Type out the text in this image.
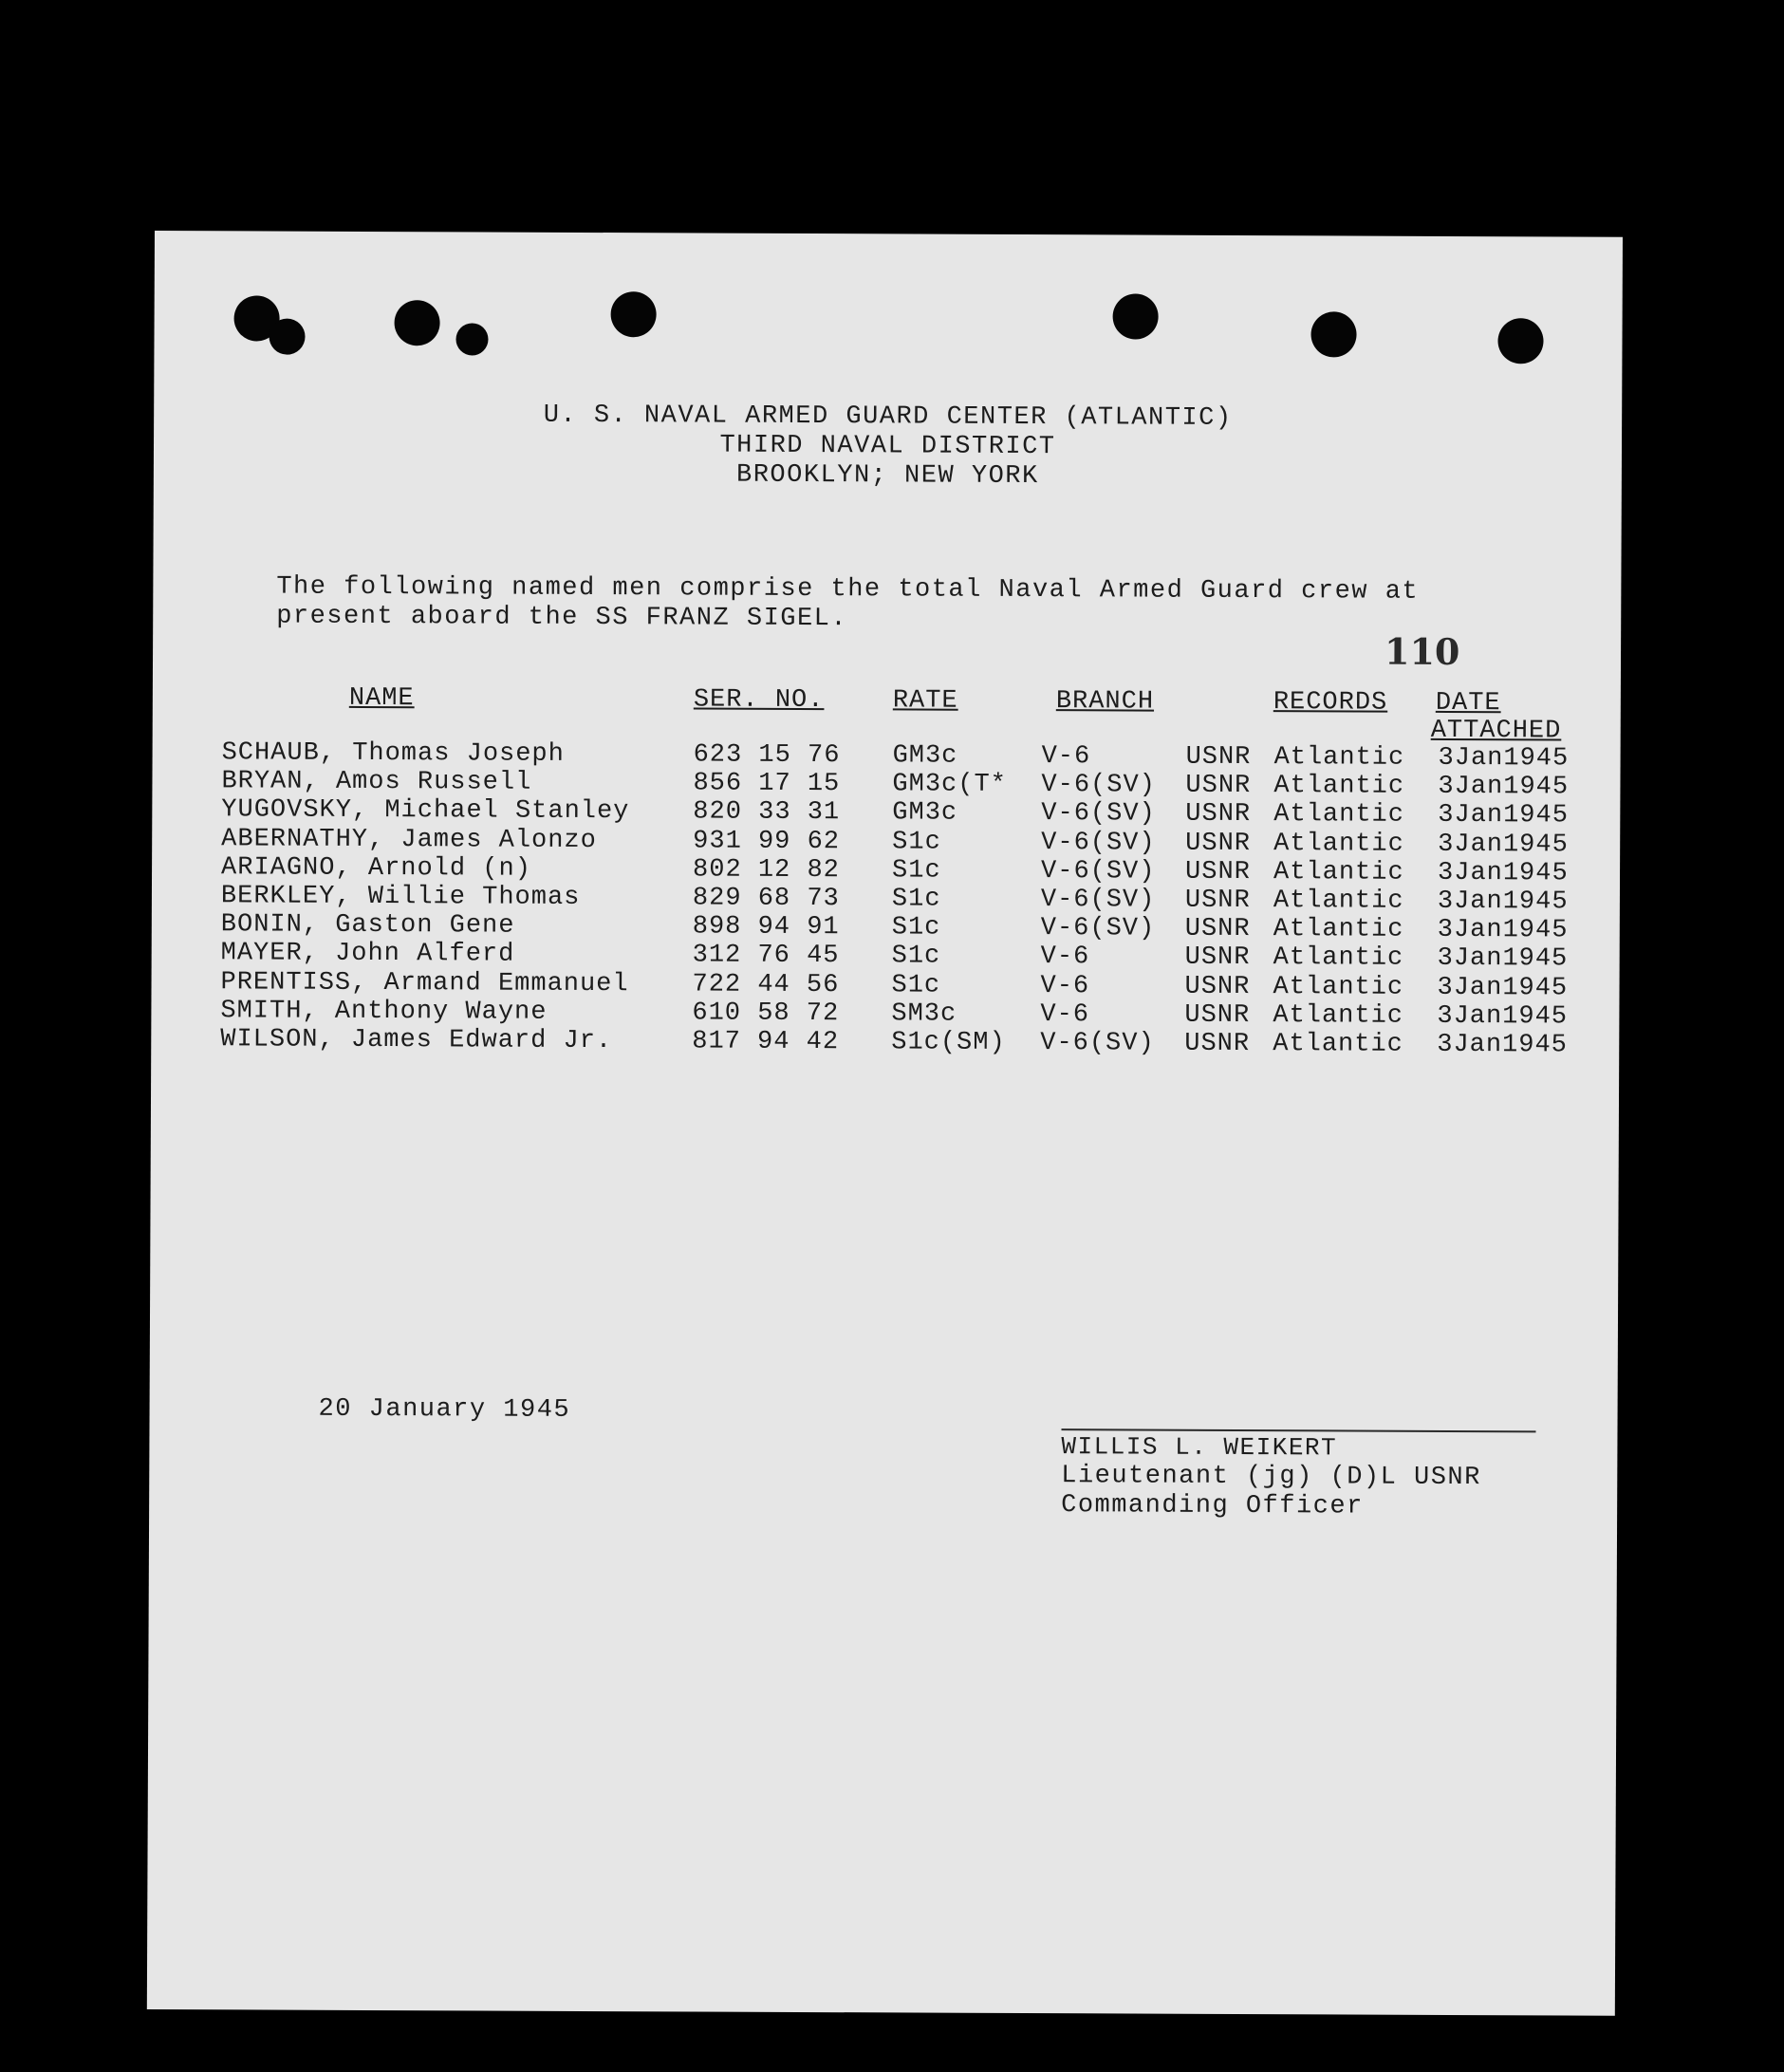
U. S. NAVAL ARMED GUARD CENTER (ATLANTIC)
THIRD NAVAL DISTRICT
BROOKLYN; NEW YORK
The following named men comprise the total Naval Armed Guard crew at
present aboard the SS FRANZ SIGEL.
110
NAME	SER. NO.	RATE	BRANCH	RECORDS DATE
ATTACHED
SCHAUB, Thomas Joseph	623 15 76 GM3c	V-6	USNR Atlantic 3Jan1945
BRYAN, Amos Russell	856 17 15 GM3c(T* V-6(SV) USNR Atlantic 3Jan1945
YUGOVSKY, Michael Stanley 820 33 31 GM3c	V-6(SV) USNR Atlantic 3Jan1945
ABERNATHY, James Alonzo	931 99 62 S1c	V-6(SV) USNR Atlantic 3Jan1945
ARIAGNO, Arnold (n)	802 12 82 S1c	V-6(SV) USNR Atlantic 3Jan1945
BERKLEY, Willie Thomas	829 68 73 S1c	V-6(SV) USNR Atlantic 3Jan1945
BONIN, Gaston Gene	898 94 91 S1c	V-6(SV) USNR Atlantic 3Jan1945
MAYER, John Alferd	312 76 45 S1c	V-6	USNR Atlantic 3Jan1945
PRENTISS, Armand Emmanuel 722 44 56 S1c	V-6	USNR Atlantic 3Jan1945
SMITH, Anthony Wayne	610 58 72 SM3c	V-6	USNR Atlantic 3Jan1945
WILSON, James Edward Jr.	817 94 42 S1c(SM) V-6(SV) USNR Atlantic 3Jan1945
20 January 1945
WILLIS L. WEIKERT
Lieutenant (jg) (D)L USNR
Commanding Officer
